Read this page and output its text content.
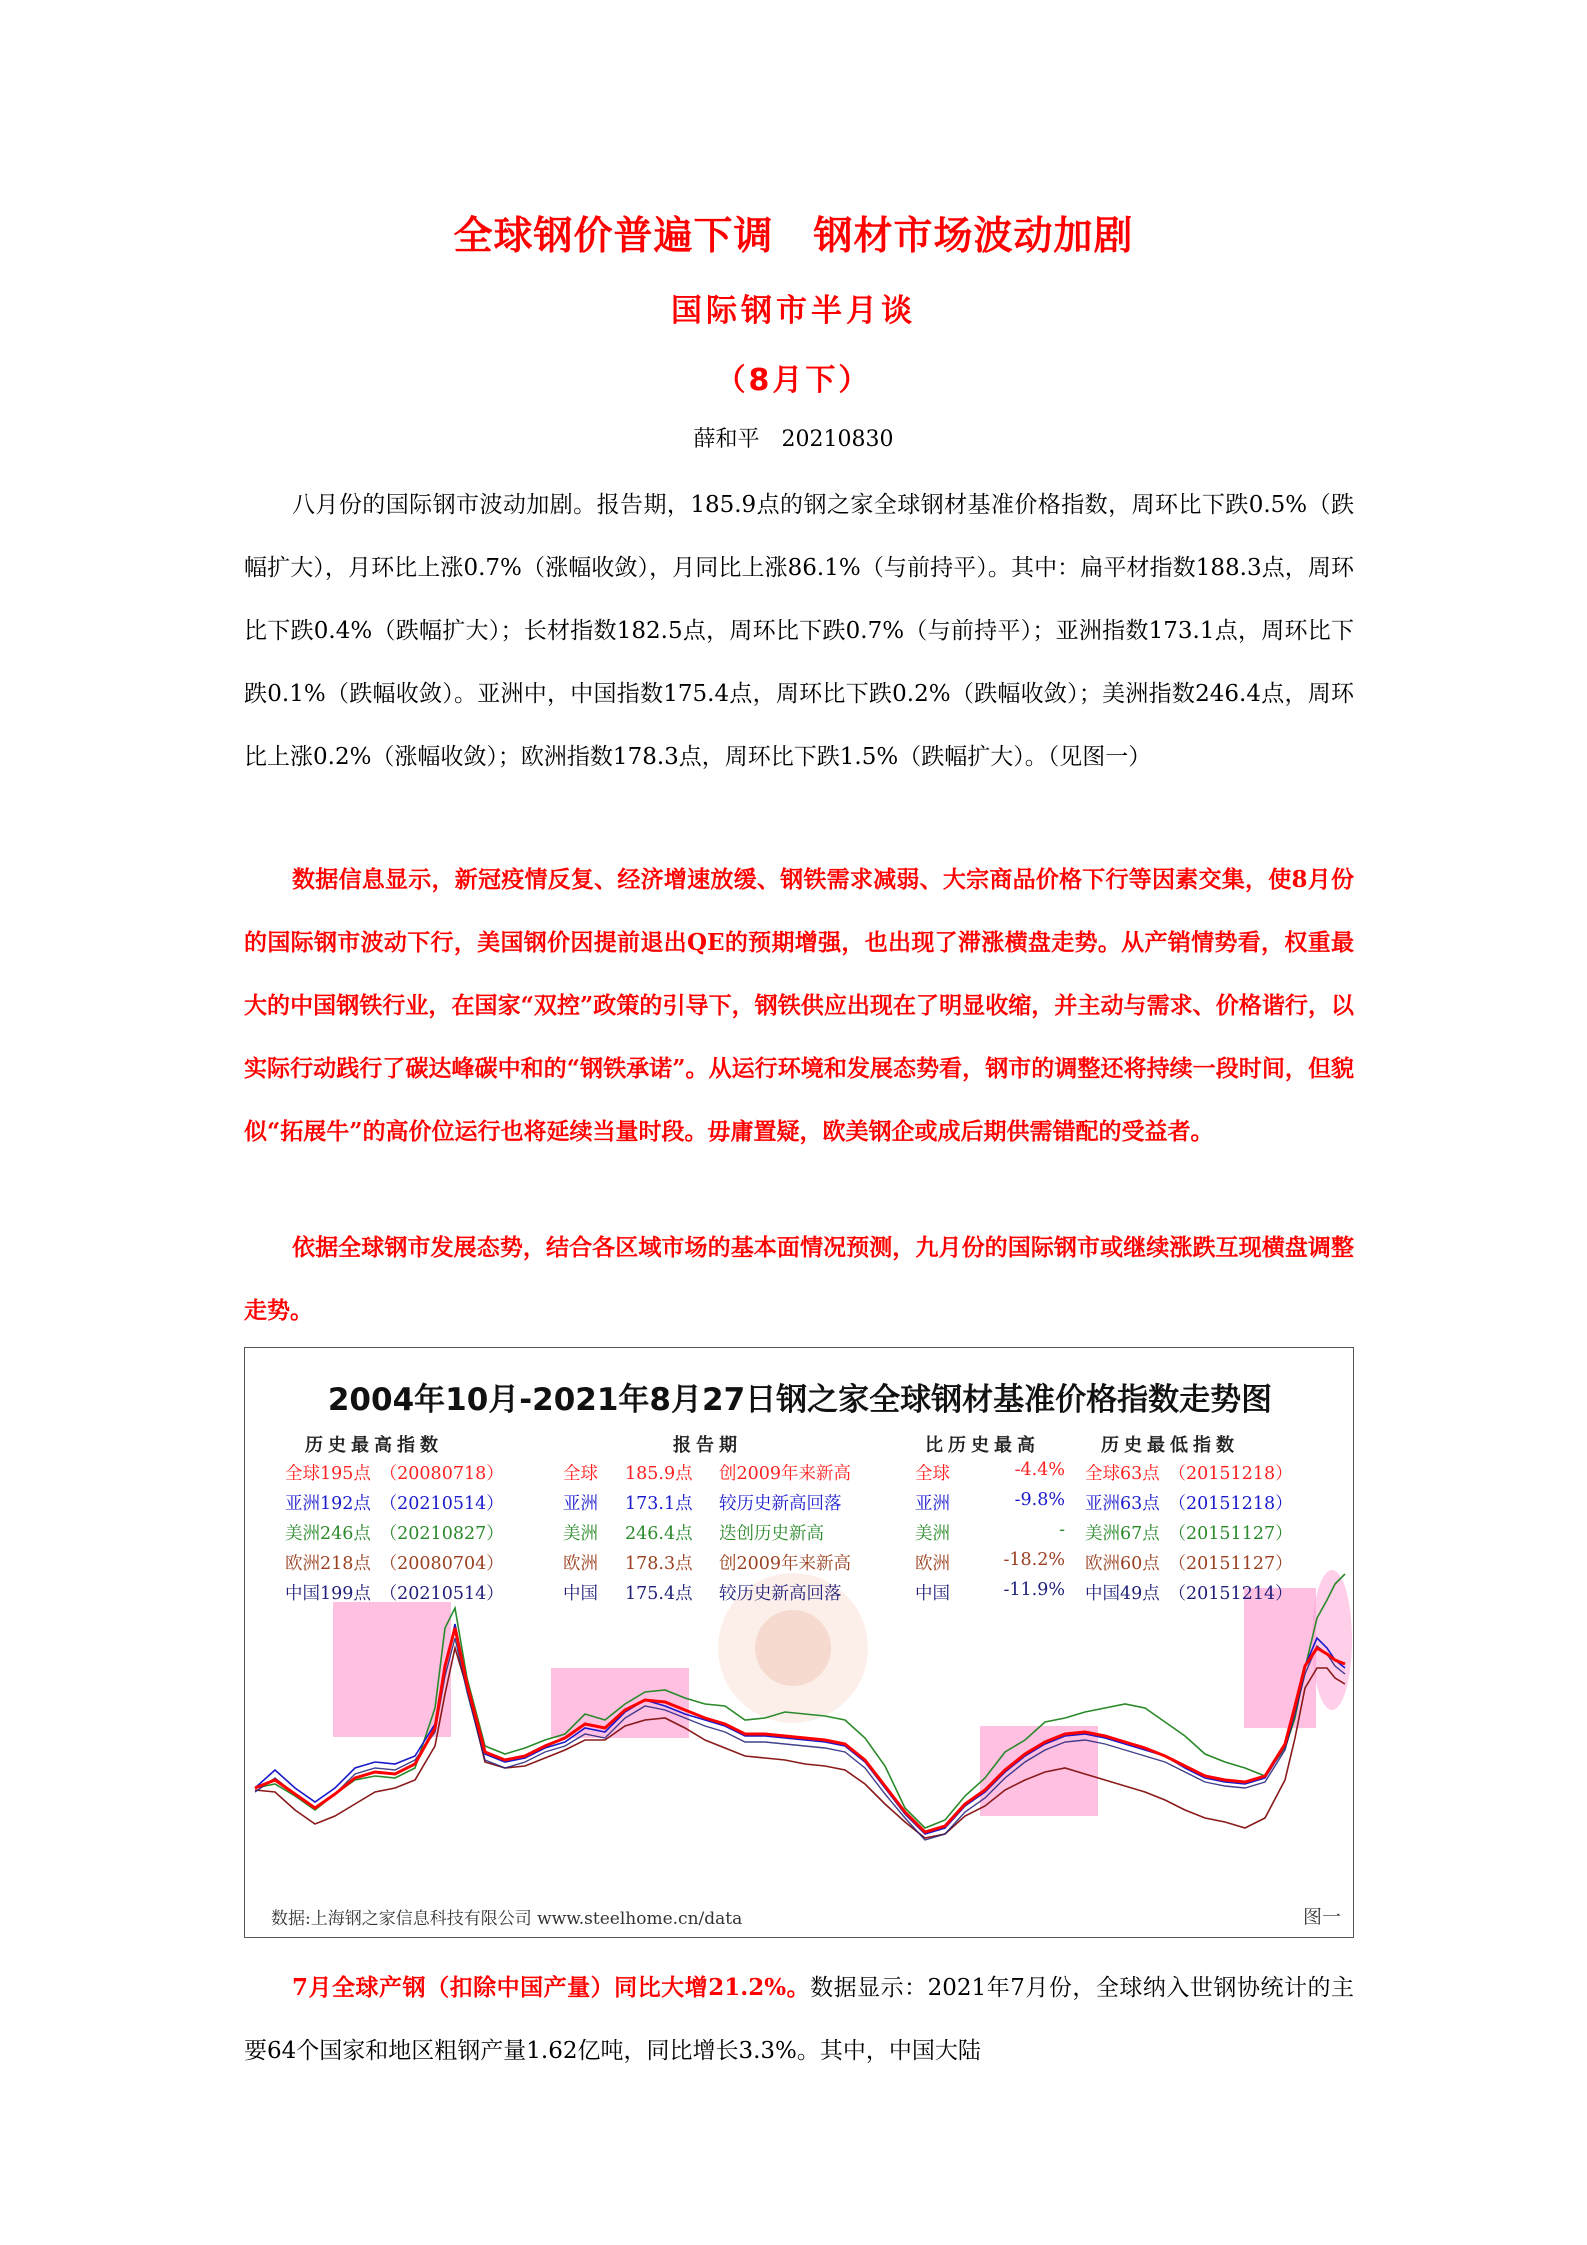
全球钢价普遍下调　钢材市场波动加剧
国际钢市半月谈
（8月下）
薛和平　20210830
八月份的国际钢市波动加剧。报告期，185.9点的钢之家全球钢材基准价格指数，周环比下跌0.5%（跌幅扩大），月环比上涨0.7%（涨幅收敛），月同比上涨86.1%（与前持平）。其中：扁平材指数188.3点，周环比下跌0.4%（跌幅扩大）；长材指数182.5点，周环比下跌0.7%（与前持平）；亚洲指数173.1点，周环比下跌0.1%（跌幅收敛）。亚洲中，中国指数175.4点，周环比下跌0.2%（跌幅收敛）；美洲指数246.4点，周环比上涨0.2%（涨幅收敛）；欧洲指数178.3点，周环比下跌1.5%（跌幅扩大）。（见图一）
数据信息显示，新冠疫情反复、经济增速放缓、钢铁需求减弱、大宗商品价格下行等因素交集，使8月份的国际钢市波动下行，美国钢价因提前退出QE的预期增强，也出现了滞涨横盘走势。从产销情势看，权重最大的中国钢铁行业，在国家“双控”政策的引导下，钢铁供应出现在了明显收缩，并主动与需求、价格谐行，以实际行动践行了碳达峰碳中和的“钢铁承诺”。从运行环境和发展态势看，钢市的调整还将持续一段时间，但貌似“拓展牛”的高价位运行也将延续当量时段。毋庸置疑，欧美钢企或成后期供需错配的受益者。
依据全球钢市发展态势，结合各区域市场的基本面情况预测，九月份的国际钢市或继续涨跌互现横盘调整走势。
2004年10月-2021年8月27日钢之家全球钢材基准价格指数走势图
历史最高指数	报告期	比历史最高	历史最低指数
全球195点　（20080718）	全球 185.9点 创2009年来新高	全球	-4.4% 全球63点　（20151218）
亚洲192点　（20210514）	亚洲 173.1点 较历史新高回落	亚洲	-9.8% 亚洲63点　（20151218）
美洲246点　（20210827）	美洲 246.4点 迭创历史新高	美洲	- 美洲67点　（20151127）
欧洲218点　（20080704）	欧洲 178.3点 创2009年来新高	欧洲	-18.2% 欧洲60点　（20151127）
中国199点　（20210514）	中国 175.4点 较历史新高回落	中国	-11.9% 中国49点　（20151214）
数据:上海钢之家信息科技有限公司 www.steelhome.cn/data	图一
7月全球产钢（扣除中国产量）同比大增21.2%。数据显示：2021年7月份，全球纳入世钢协统计的主要64个国家和地区粗钢产量1.62亿吨，同比增长3.3%。其中，中国大陆
